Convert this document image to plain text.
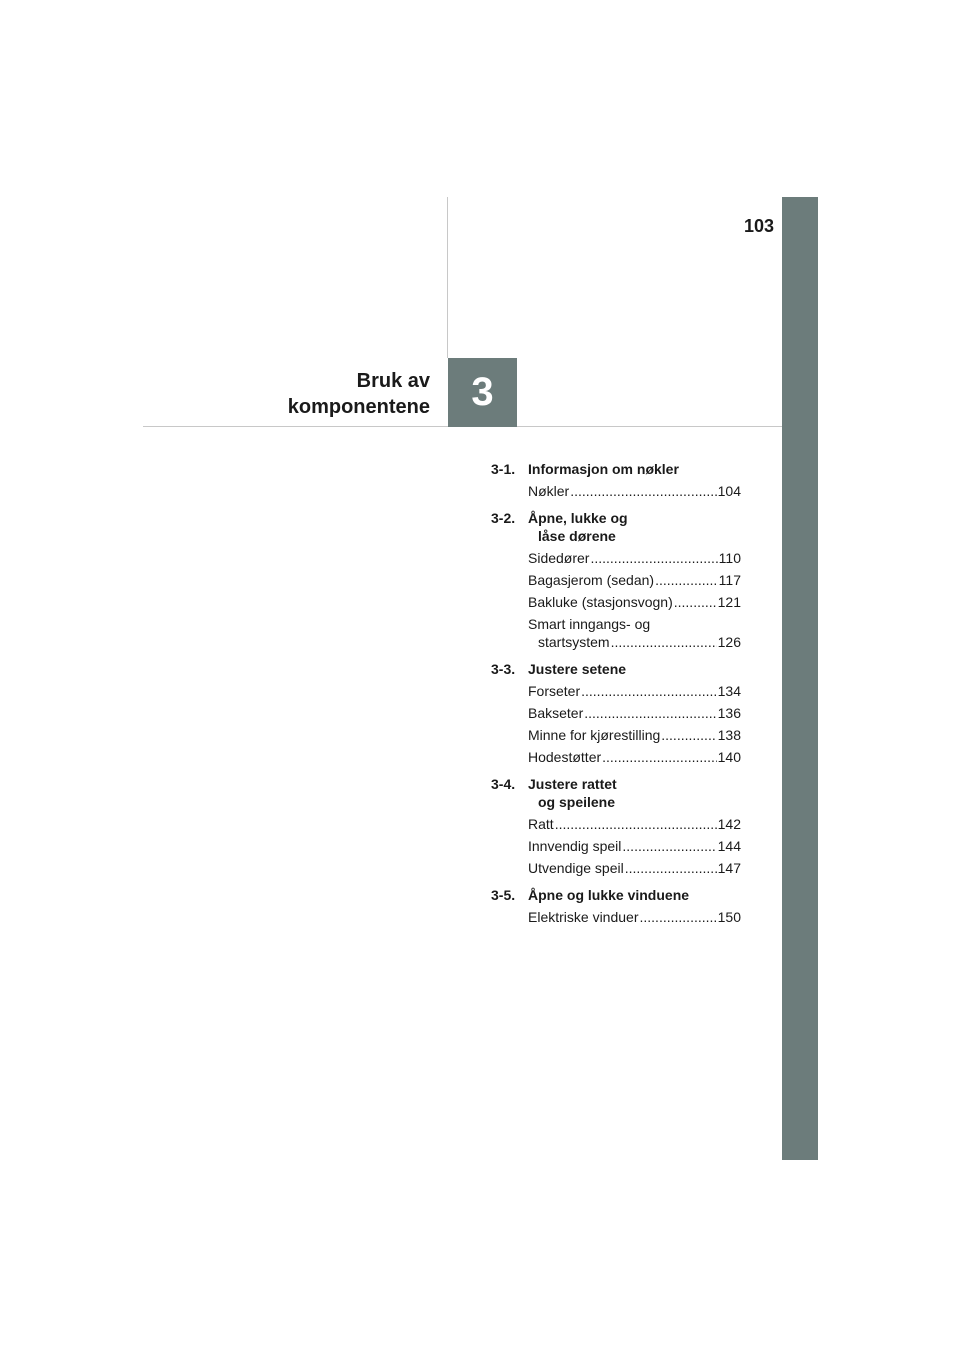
103
Bruk av
komponentene	3
3-1. Informasjon om nøkler
Nøkler .....	104
3-2. Åpne, lukke og
låse dørene
Sidedører .....	110
Bagasjerom (sedan) .....	117
Bakluke (stasjonsvogn) .....	121
Smart inngangs- og
startsystem .....	126
3-3. Justere setene
Forseter .....	134
Bakseter .....	136
Minne for kjørestilling .....	138
Hodestøtter .....	140
3-4. Justere rattet
og speilene
Ratt .....	142
Innvendig speil .....	144
Utvendige speil .....	147
3-5. Åpne og lukke vinduene
Elektriske vinduer .....	150
